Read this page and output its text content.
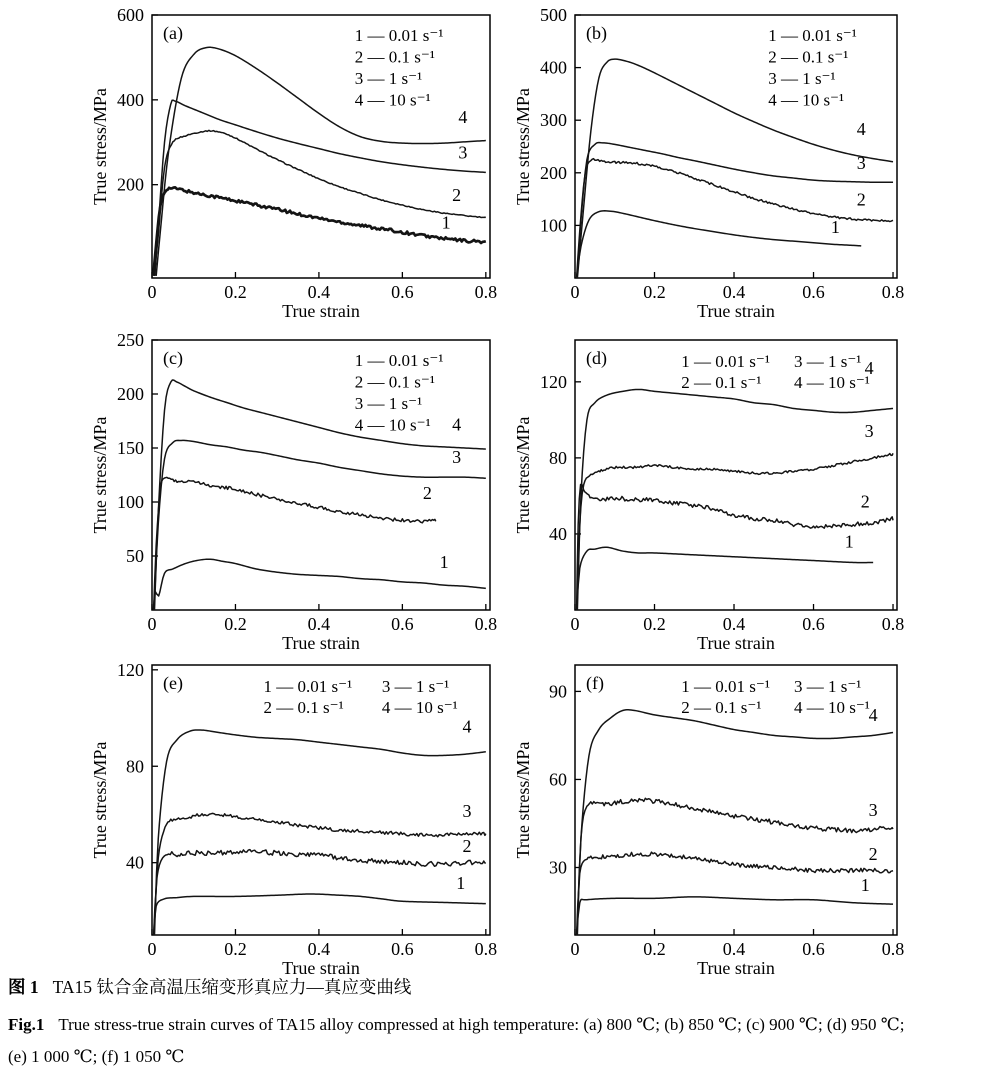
200
400
600
0	0.2	0.4	0.6	0.8
True stress/MPa
True strain
(a)	1 — 0.01 s⁻¹
2 — 0.1 s⁻¹
3 — 1 s⁻¹
4 — 10 s⁻¹
4
3
2
1	100
200
300
400
500
0	0.2	0.4	0.6	0.8
True stress/MPa
True strain
(b)	1 — 0.01 s⁻¹
2 — 0.1 s⁻¹
3 — 1 s⁻¹
4 — 10 s⁻¹
4
3
2
1
50
100
150
200
250
0	0.2	0.4	0.6	0.8
True stress/MPa
True strain
(c)	1 — 0.01 s⁻¹
2 — 0.1 s⁻¹
3 — 1 s⁻¹
4 — 10 s⁻¹ 4
3
2
1
40
80
120
0	0.2	0.4	0.6	0.8
True stress/MPa
True strain
(d)	1 — 0.01 s⁻¹
2 — 0.1 s⁻¹
3 — 1 s⁻¹
4 — 10 s⁻¹
4
3
2
1
40
80
120
0	0.2	0.4	0.6	0.8
True stress/MPa
True strain
(e)	1 — 0.01 s⁻¹
2 — 0.1 s⁻¹
3 — 1 s⁻¹
4 — 10 s⁻¹
4
3
2
1
30
60
90
0	0.2	0.4	0.6	0.8
True stress/MPa
True strain
(f)	1 — 0.01 s⁻¹
2 — 0.1 s⁻¹
3 — 1 s⁻¹
4 — 10 s⁻¹
4
3
2
1
图 1 TA15 钛合金高温压缩变形真应力—真应变曲线
Fig.1 True stress-true strain curves of TA15 alloy compressed at high temperature: (a) 800 ℃; (b) 850 ℃; (c) 900 ℃; (d) 950 ℃;
(e) 1 000 ℃; (f) 1 050 ℃
